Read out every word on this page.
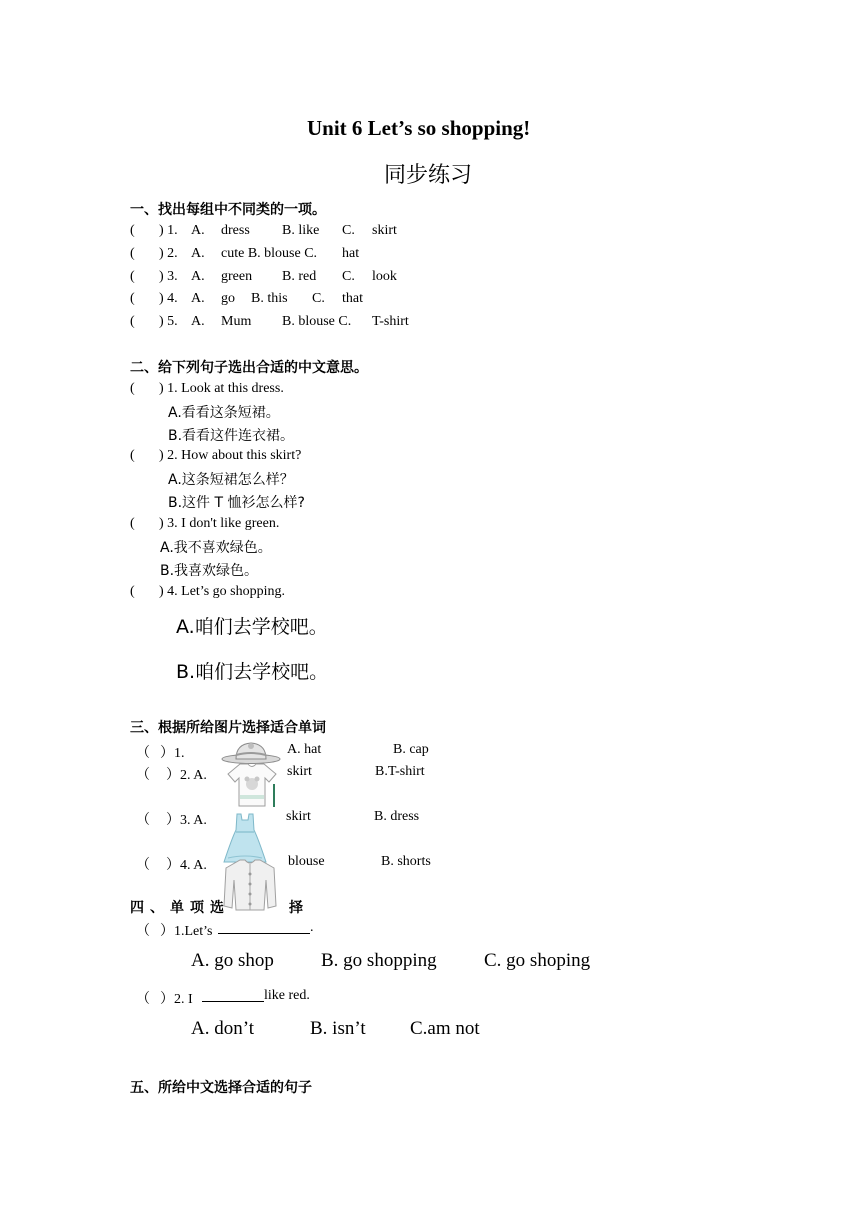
Unit 6 Let’s so shopping!
同步练习
一、找出每组中不同类的一项。
( ) 1. A. dress B. like C. skirt
( ) 2. A. cute B. blouse C. hat
( ) 3. A. green B. red C. look
( ) 4. A. go B. this C. that
( ) 5. A. Mum B. blouse C. T-shirt
二、给下列句子选出合适的中文意思。
( ) 1. Look at this dress.
A.看看这条短裙。
B.看看这件连衣裙。
( ) 2. How about this skirt?
A.这条短裙怎么样？
B.这件 T 恤衫怎么样?
( ) 3. I don't like green.
A.我不喜欢绿色。
B.我喜欢绿色。
( ) 4. Let’s go shopping.
A.咱们去学校吧。
B.咱们去学校吧。
三、根据所给图片选择适合单词
（ ）1.	A. hat	B. cap
（ ）2. A.	skirt	B.T-shirt
（ ）3. A.	skirt	B. dress
（ ）4. A.	blouse	B. shorts
四、单项选	择
（ ）1.Let’s	.
A. go shop B. go shopping C. go shoping
（ ）2. I	like red.
A. don’t	B. isn’t C.am not
五、所给中文选择合适的句子
